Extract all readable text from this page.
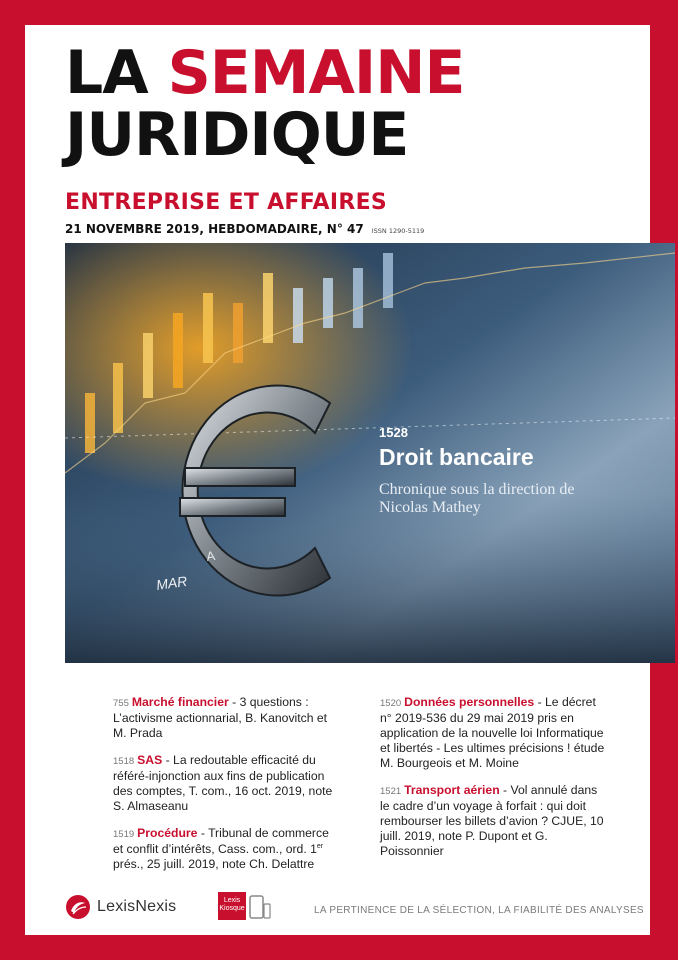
LA SEMAINE
JURIDIQUE
ENTREPRISE ET AFFAIRES
21 NOVEMBRE 2019, HEBDOMADAIRE, N° 47 ISSN 1290-5119
MAR
A
1528
Droit bancaire
Chronique sous la direction de
Nicolas Mathey
755 Marché financier - 3 questions : L’activisme actionnarial, B. Kanovitch et M. Prada
1518 SAS - La redoutable efficacité du référé-injonction aux fins de publication des comptes, T. com., 16 oct. 2019, note S. Almaseanu
1519 Procédure - Tribunal de commerce et conflit d’intérêts, Cass. com., ord. 1er prés., 25 juill. 2019, note Ch. Delattre
1520 Données personnelles - Le décret n° 2019-536 du 29 mai 2019 pris en application de la nouvelle loi Informatique et libertés - Les ultimes précisions ! étude M. Bourgeois et M. Moine
1521 Transport aérien - Vol annulé dans le cadre d’un voyage à forfait : qui doit rembourser les billets d’avion ? CJUE, 10 juill. 2019, note P. Dupont et G. Poissonnier
LexisNexis	Lexis
Kiosque	LA PERTINENCE DE LA SÉLECTION, LA FIABILITÉ DES ANALYSES
